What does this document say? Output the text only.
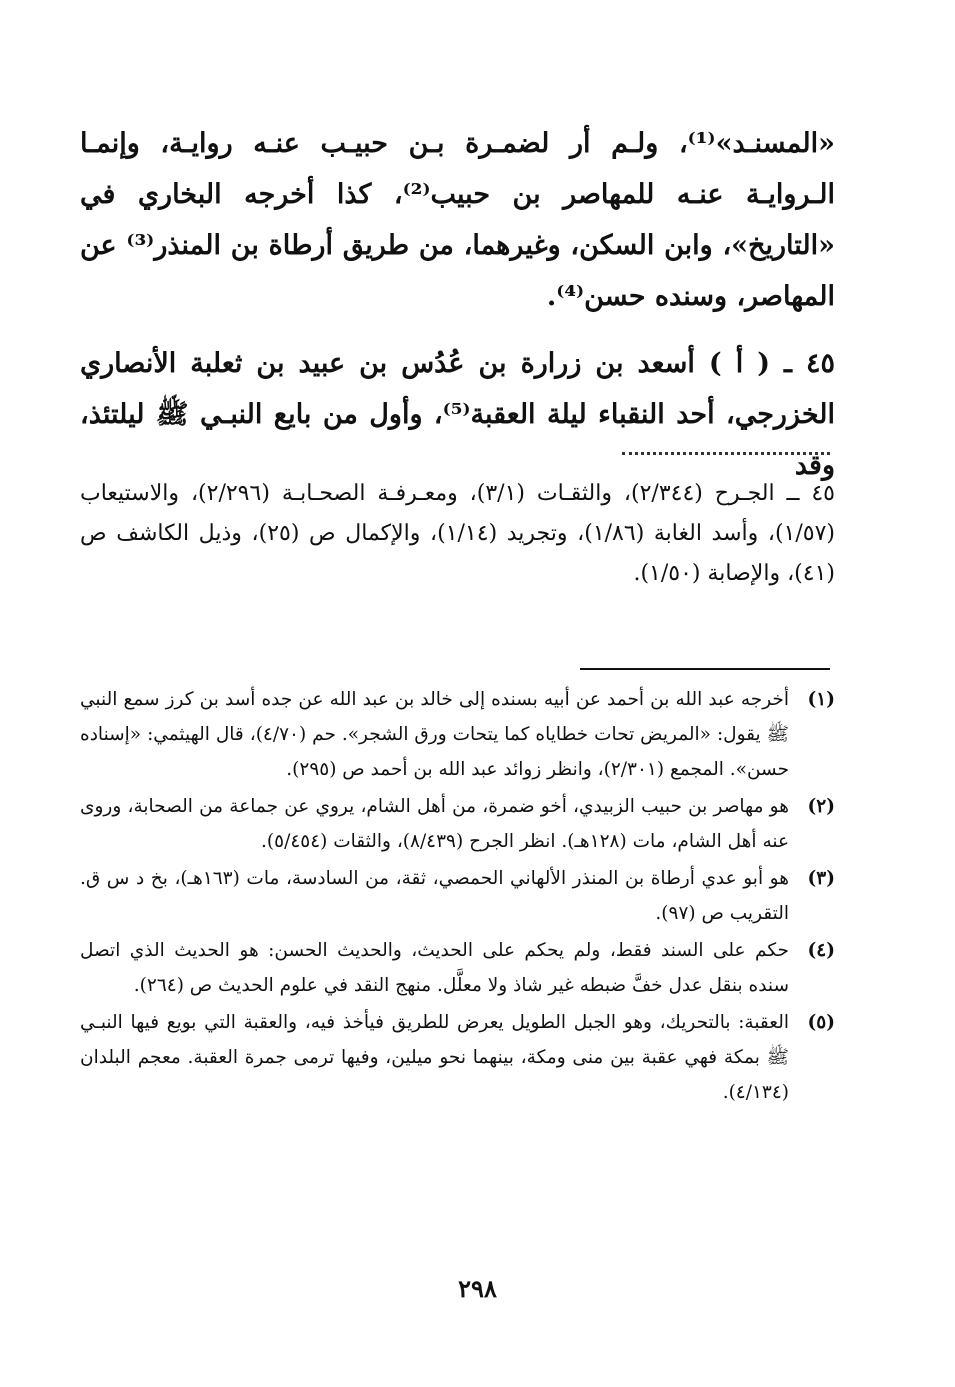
«المسنـد»⁽¹⁾، ولـم أر لضمـرة بـن حبيـب عنـه روايـة، وإنمـا الـروايـة عنـه للمهاصر بن حبيب⁽²⁾، كذا أخرجه البخاري في «التاريخ»، وابن السكن، وغيرهما، من طريق أرطاة بن المنذر⁽³⁾ عن المهاصر، وسنده حسن⁽⁴⁾.

٤٥ ـ ( أ ) أسعد بن زرارة بن عُدُس بن عبيد بن ثعلبة الأنصاري الخزرجي، أحد النقباء ليلة العقبة⁽⁵⁾، وأول من بايع النبـي ﷺ ليلتئذ، وقد

٤٥ ــ الجـرح (٢/٣٤٤)، والثقـات (٣/١)، ومعـرفـة الصحـابـة (٢/٢٩٦)، والاستيعاب (١/٥٧)، وأسد الغابة (١/٨٦)، وتجريد (١/١٤)، والإكمال ص (٢٥)، وذيل الكاشف ص (٤١)، والإصابة (١/٥٠).
(١)
أخرجه عبد الله بن أحمد عن أبيه بسنده إلى خالد بن عبد الله عن جده أسد بن كرز سمع النبي ﷺ يقول: «المريض تحات خطاياه كما يتحات ورق الشجر». حم (٤/٧٠)، قال الهيثمي: «إسناده حسن». المجمع (٢/٣٠١)، وانظر زوائد عبد الله بن أحمد ص (٢٩٥).
(٢)
هو مهاصر بن حبيب الزبيدي، أخو ضمرة، من أهل الشام، يروي عن جماعة من الصحابة، وروى عنه أهل الشام، مات (١٢٨هـ). انظر الجرح (٨/٤٣٩)، والثقات (٥/٤٥٤).
(٣)
هو أبو عدي أرطاة بن المنذر الألهاني الحمصي، ثقة، من السادسة، مات (١٦٣هـ)، بخ د س ق. التقريب ص (٩٧).
(٤)
حكم على السند فقط، ولم يحكم على الحديث، والحديث الحسن: هو الحديث الذي اتصل سنده بنقل عدل خفَّ ضبطه غير شاذ ولا معلَّل. منهج النقد في علوم الحديث ص (٢٦٤).
(٥)
العقبة: بالتحريك، وهو الجبل الطويل يعرض للطريق فيأخذ فيه، والعقبة التي بويع فيها النبـي ﷺ بمكة فهي عقبة بين منى ومكة، بينهما نحو ميلين، وفيها ترمى جمرة العقبة. معجم البلدان (٤/١٣٤).
٢٩٨
